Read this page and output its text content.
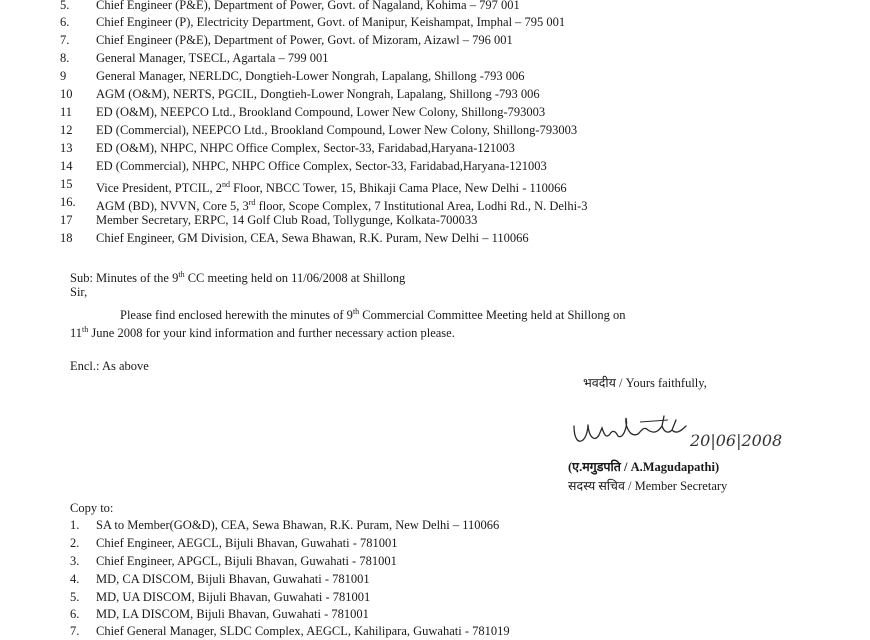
5.	Chief Engineer (P&E), Department of Power, Govt. of Nagaland, Kohima – 797 001
6.	Chief Engineer (P), Electricity Department, Govt. of Manipur, Keishampat, Imphal – 795 001
7.	Chief Engineer (P&E), Department of Power, Govt. of Mizoram, Aizawl – 796 001
8.	General Manager, TSECL, Agartala – 799 001
9	General Manager, NERLDC, Dongtieh-Lower Nongrah, Lapalang, Shillong -793 006
10	AGM (O&M), NERTS, PGCIL, Dongtieh-Lower Nongrah, Lapalang, Shillong -793 006
11	ED (O&M), NEEPCO Ltd., Brookland Compound, Lower New Colony, Shillong-793003
12	ED (Commercial), NEEPCO Ltd., Brookland Compound, Lower New Colony, Shillong-793003
13	ED (O&M), NHPC, NHPC Office Complex, Sector-33, Faridabad,Haryana-121003
14	ED (Commercial), NHPC, NHPC Office Complex, Sector-33, Faridabad,Haryana-121003
15	Vice President, PTCIL, 2nd Floor, NBCC Tower, 15, Bhikaji Cama Place, New Delhi - 110066
16.	AGM (BD), NVVN, Core 5, 3rd floor, Scope Complex, 7 Institutional Area, Lodhi Rd., N. Delhi-3
17	Member Secretary, ERPC, 14 Golf Club Road, Tollygunge, Kolkata-700033
18	Chief Engineer, GM Division, CEA, Sewa Bhawan, R.K. Puram, New Delhi – 110066
Sub: Minutes of the 9th CC meeting held on 11/06/2008 at Shillong
Sir,
Please find enclosed herewith the minutes of 9th Commercial Committee Meeting held at Shillong on
11th June 2008 for your kind information and further necessary action please.
Encl.: As above
भवदीय / Yours faithfully,
20|06|2008
(ए.मगुडपति / A.Magudapathi)
सदस्य सचिव / Member Secretary
Copy to:
1.	SA to Member(GO&D), CEA, Sewa Bhawan, R.K. Puram, New Delhi – 110066
2.	Chief Engineer, AEGCL, Bijuli Bhavan, Guwahati - 781001
3.	Chief Engineer, APGCL, Bijuli Bhavan, Guwahati - 781001
4.	MD, CA DISCOM, Bijuli Bhavan, Guwahati - 781001
5.	MD, UA DISCOM, Bijuli Bhavan, Guwahati - 781001
6.	MD, LA DISCOM, Bijuli Bhavan, Guwahati - 781001
7.	Chief General Manager, SLDC Complex, AEGCL, Kahilipara, Guwahati - 781019
